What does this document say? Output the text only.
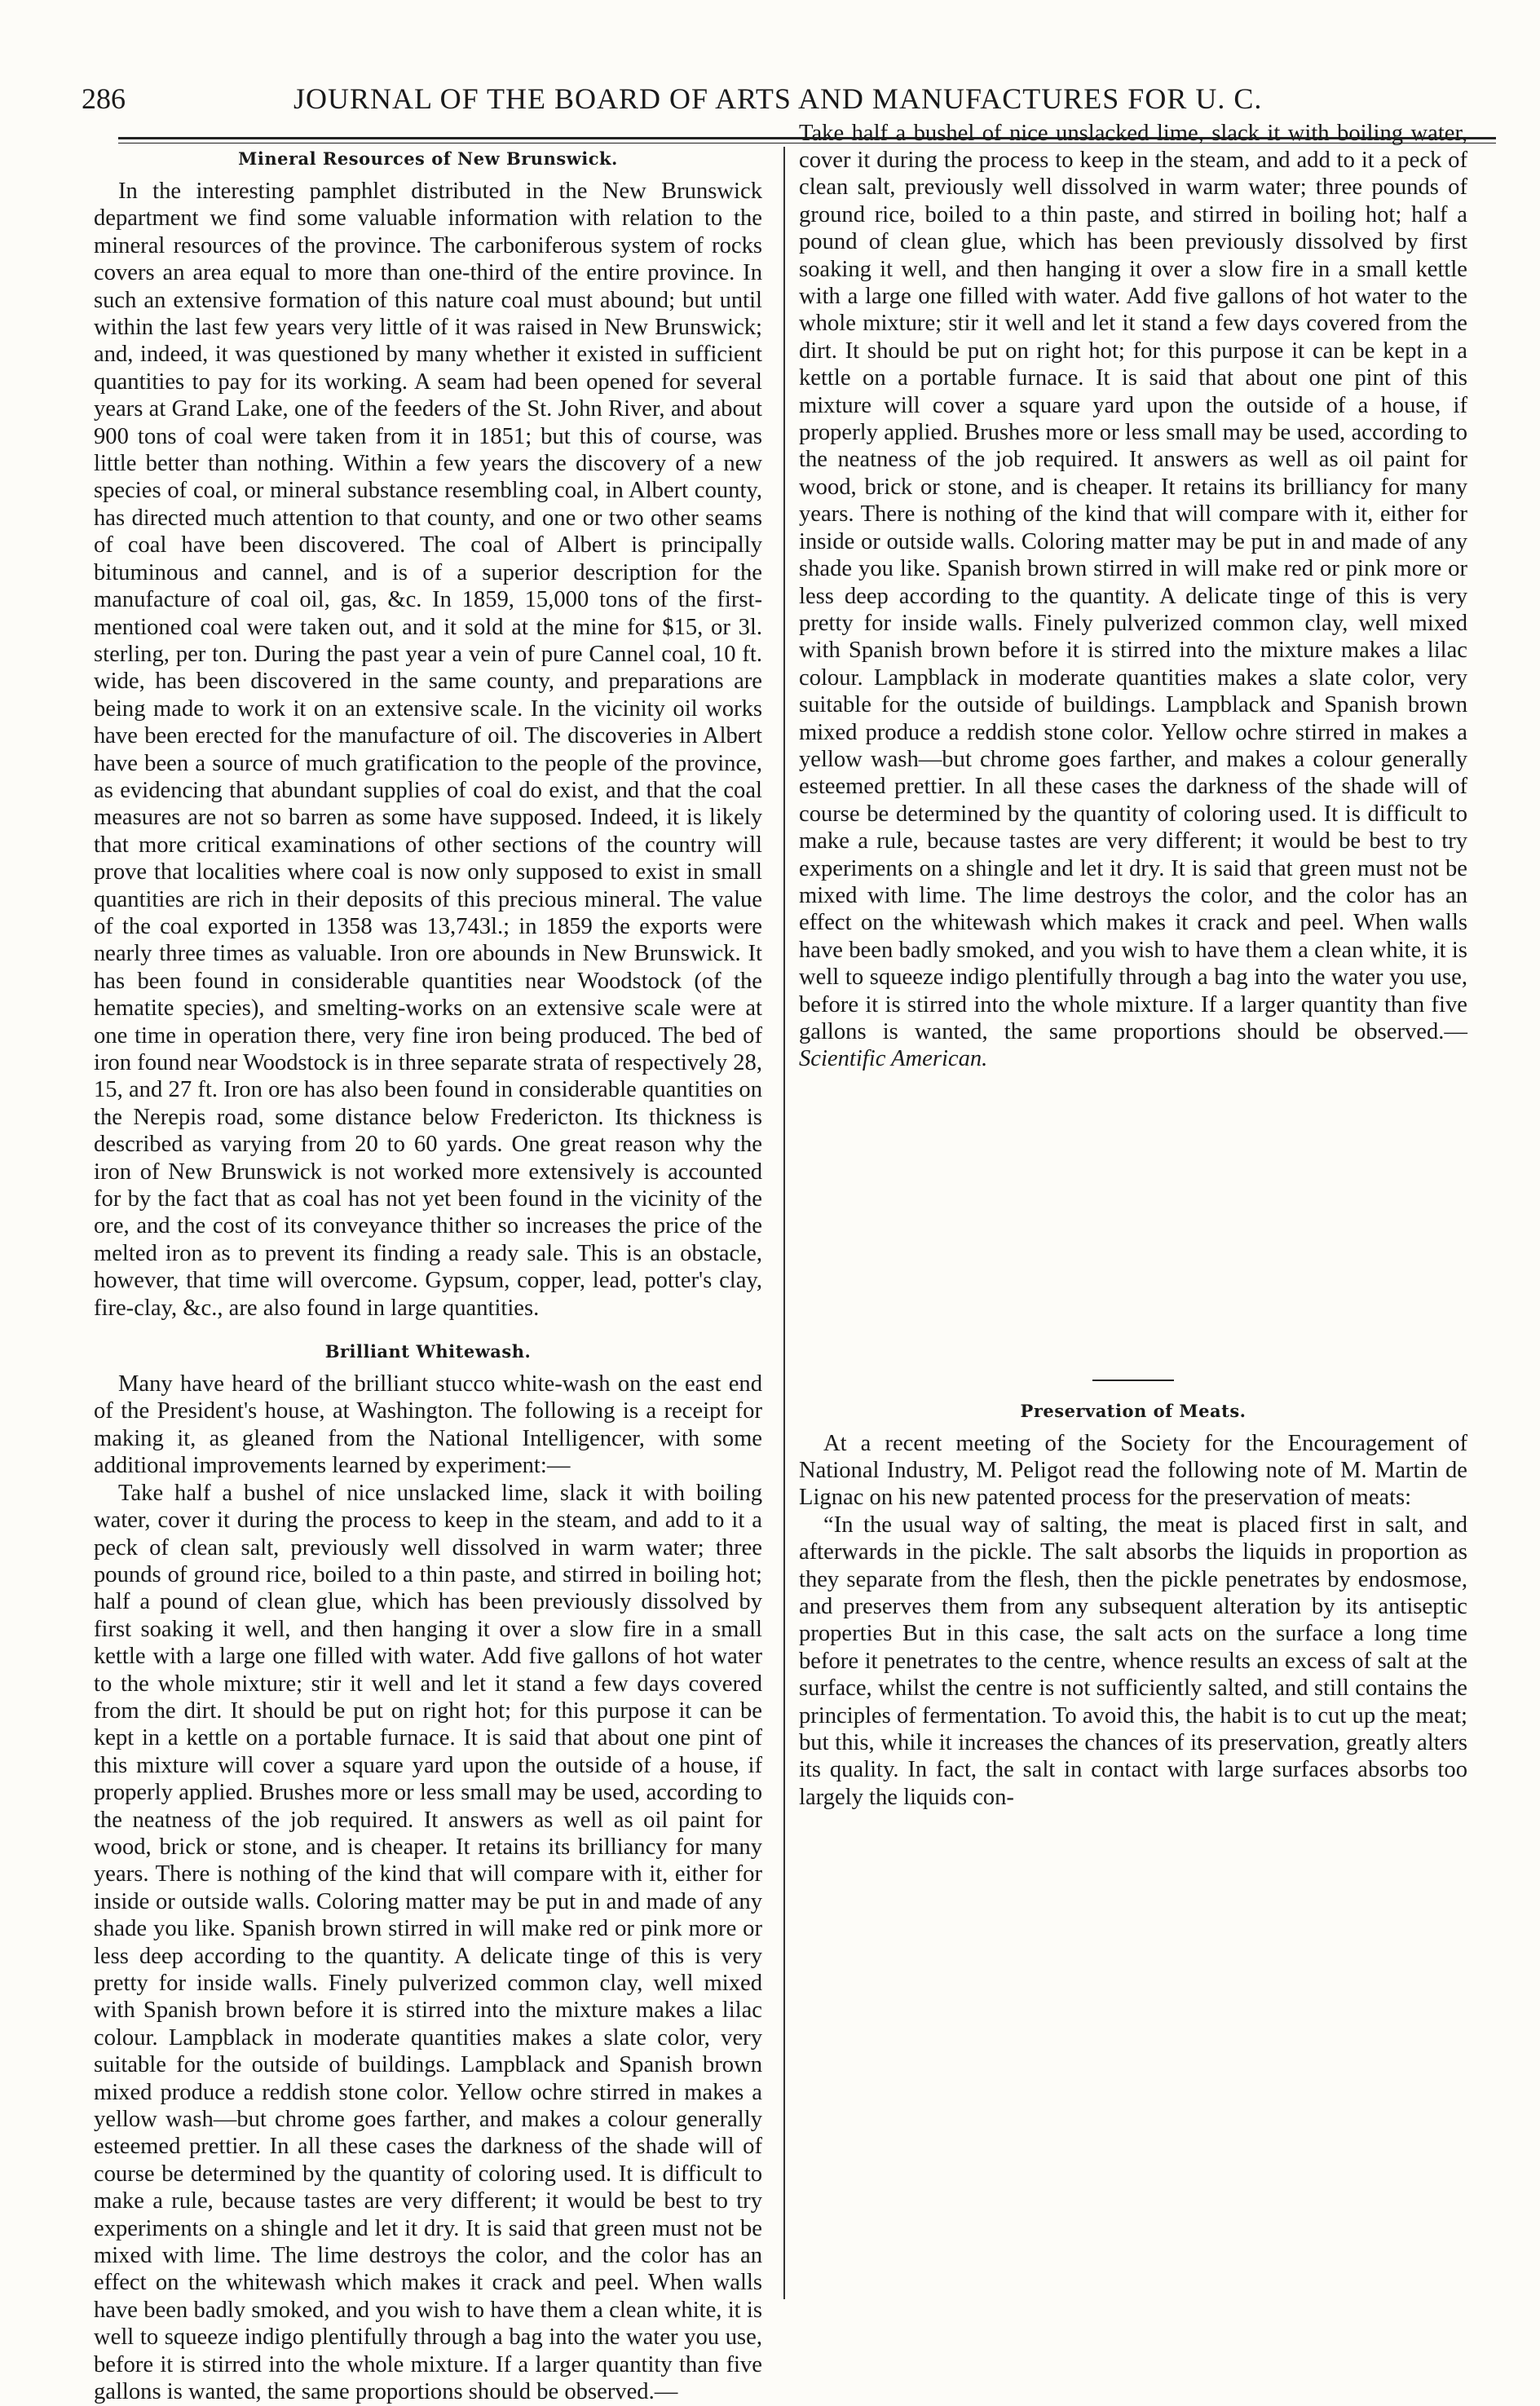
286	JOURNAL OF THE BOARD OF ARTS AND MANUFACTURES FOR U. C.
Mineral Resources of New Brunswick.

In the interesting pamphlet distributed in the New Brunswick department we find some valuable information with relation to the mineral resources of the province. The carboniferous system of rocks covers an area equal to more than one-third of the entire province. In such an extensive formation of this nature coal must abound; but until within the last few years very little of it was raised in New Brunswick; and, indeed, it was questioned by many whether it existed in sufficient quantities to pay for its working. A seam had been opened for several years at Grand Lake, one of the feeders of the St. John River, and about 900 tons of coal were taken from it in 1851; but this of course, was little better than nothing. Within a few years the discovery of a new species of coal, or mineral substance resembling coal, in Albert county, has directed much attention to that county, and one or two other seams of coal have been discovered. The coal of Albert is principally bituminous and cannel, and is of a superior description for the manufacture of coal oil, gas, &c. In 1859, 15,000 tons of the first-mentioned coal were taken out, and it sold at the mine for $15, or 3l. sterling, per ton. During the past year a vein of pure Cannel coal, 10 ft. wide, has been discovered in the same county, and preparations are being made to work it on an extensive scale. In the vicinity oil works have been erected for the manufacture of oil. The discoveries in Albert have been a source of much gratification to the people of the province, as evidencing that abundant supplies of coal do exist, and that the coal measures are not so barren as some have supposed. Indeed, it is likely that more critical examinations of other sections of the country will prove that localities where coal is now only supposed to exist in small quantities are rich in their deposits of this precious mineral. The value of the coal exported in 1358 was 13,743l.; in 1859 the exports were nearly three times as valuable. Iron ore abounds in New Brunswick. It has been found in considerable quantities near Woodstock (of the hematite species), and smelting-works on an extensive scale were at one time in operation there, very fine iron being produced. The bed of iron found near Woodstock is in three separate strata of respectively 28, 15, and 27 ft. Iron ore has also been found in considerable quantities on the Nerepis road, some distance below Fredericton. Its thickness is described as varying from 20 to 60 yards. One great reason why the iron of New Brunswick is not worked more extensively is accounted for by the fact that as coal has not yet been found in the vicinity of the ore, and the cost of its conveyance thither so increases the price of the melted iron as to prevent its finding a ready sale. This is an obstacle, however, that time will overcome. Gypsum, copper, lead, potter's clay, fire-clay, &c., are also found in large quantities.

Brilliant Whitewash.

Many have heard of the brilliant stucco white-wash on the east end of the President's house, at Washington. The following is a receipt for making it, as gleaned from the National Intelligencer, with some additional improvements learned by experiment:—

Take half a bushel of nice unslacked lime, slack it with boiling water, cover it during the process to keep in the steam, and add to it a peck of clean salt, previously well dissolved in warm water; three pounds of ground rice, boiled to a thin paste, and stirred in boiling hot; half a pound of clean glue, which has been previously dissolved by first soaking it well, and then hanging it over a slow fire in a small kettle with a large one filled with water. Add five gallons of hot water to the whole mixture; stir it well and let it stand a few days covered from the dirt. It should be put on right hot; for this purpose it can be kept in a kettle on a portable furnace. It is said that about one pint of this mixture will cover a square yard upon the outside of a house, if properly applied. Brushes more or less small may be used, according to the neatness of the job required. It answers as well as oil paint for wood, brick or stone, and is cheaper. It retains its brilliancy for many years. There is nothing of the kind that will compare with it, either for inside or outside walls. Coloring matter may be put in and made of any shade you like. Spanish brown stirred in will make red or pink more or less deep according to the quantity. A delicate tinge of this is very pretty for inside walls. Finely pulverized common clay, well mixed with Spanish brown before it is stirred into the mixture makes a lilac colour. Lampblack in moderate quantities makes a slate color, very suitable for the outside of buildings. Lampblack and Spanish brown mixed produce a reddish stone color. Yellow ochre stirred in makes a yellow wash—but chrome goes farther, and makes a colour generally esteemed prettier. In all these cases the darkness of the shade will of course be determined by the quantity of coloring used. It is difficult to make a rule, because tastes are very different; it would be best to try experiments on a shingle and let it dry. It is said that green must not be mixed with lime. The lime destroys the color, and the color has an effect on the whitewash which makes it crack and peel. When walls have been badly smoked, and you wish to have them a clean white, it is well to squeeze indigo plentifully through a bag into the water you use, before it is stirred into the whole mixture. If a larger quantity than five gallons is wanted, the same proportions should be observed.—

Take half a bushel of nice unslacked lime, slack it with boiling water, cover it during the process to keep in the steam, and add to it a peck of clean salt, previously well dissolved in warm water; three pounds of ground rice, boiled to a thin paste, and stirred in boiling hot; half a pound of clean glue, which has been previously dissolved by first soaking it well, and then hanging it over a slow fire in a small kettle with a large one filled with water. Add five gallons of hot water to the whole mixture; stir it well and let it stand a few days covered from the dirt. It should be put on right hot; for this purpose it can be kept in a kettle on a portable furnace. It is said that about one pint of this mixture will cover a square yard upon the outside of a house, if properly applied. Brushes more or less small may be used, according to the neatness of the job required. It answers as well as oil paint for wood, brick or stone, and is cheaper. It retains its brilliancy for many years. There is nothing of the kind that will compare with it, either for inside or outside walls. Coloring matter may be put in and made of any shade you like. Spanish brown stirred in will make red or pink more or less deep according to the quantity. A delicate tinge of this is very pretty for inside walls. Finely pulverized common clay, well mixed with Spanish brown before it is stirred into the mixture makes a lilac colour. Lampblack in moderate quantities makes a slate color, very suitable for the outside of buildings. Lampblack and Spanish brown mixed produce a reddish stone color. Yellow ochre stirred in makes a yellow wash—but chrome goes farther, and makes a colour generally esteemed prettier. In all these cases the darkness of the shade will of course be determined by the quantity of coloring used. It is difficult to make a rule, because tastes are very different; it would be best to try experiments on a shingle and let it dry. It is said that green must not be mixed with lime. The lime destroys the color, and the color has an effect on the whitewash which makes it crack and peel. When walls have been badly smoked, and you wish to have them a clean white, it is well to squeeze indigo plentifully through a bag into the water you use, before it is stirred into the whole mixture. If a larger quantity than five gallons is wanted, the same proportions should be observed.—Scientific American.

Preservation of Meats.

At a recent meeting of the Society for the Encouragement of National Industry, M. Peligot read the following note of M. Martin de Lignac on his new patented process for the preservation of meats:

“In the usual way of salting, the meat is placed first in salt, and afterwards in the pickle. The salt absorbs the liquids in proportion as they separate from the flesh, then the pickle penetrates by endosmose, and preserves them from any subsequent alteration by its antiseptic properties But in this case, the salt acts on the surface a long time before it penetrates to the centre, whence results an excess of salt at the surface, whilst the centre is not sufficiently salted, and still contains the principles of fermentation. To avoid this, the habit is to cut up the meat; but this, while it increases the chances of its preservation, greatly alters its quality. In fact, the salt in contact with large surfaces absorbs too largely the liquids con-
